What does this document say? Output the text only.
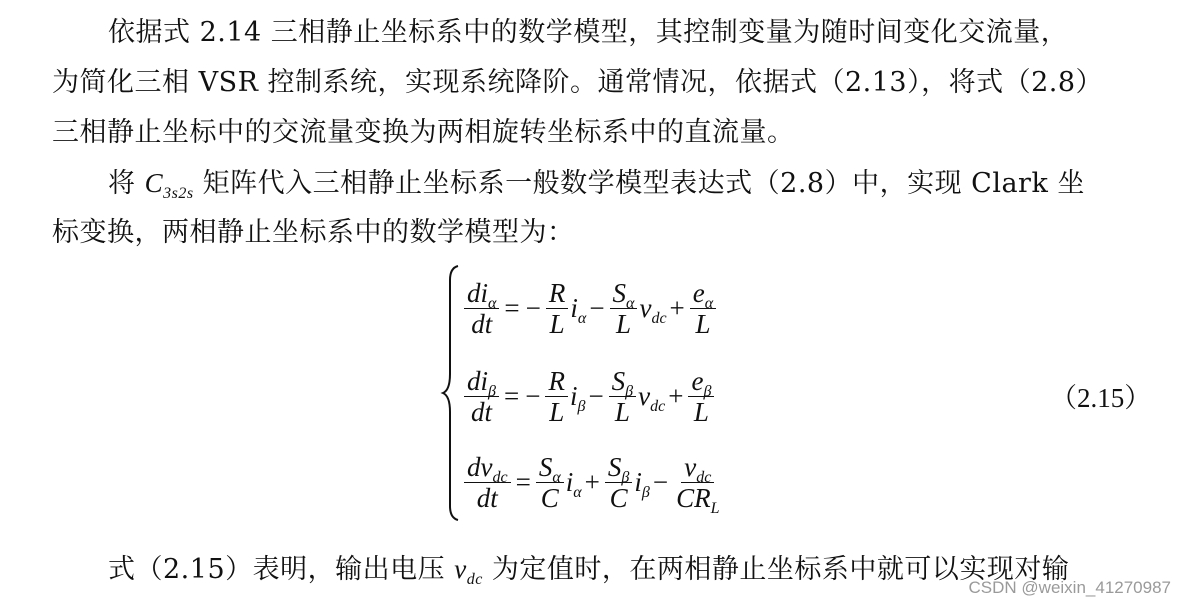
依据式 2.14 三相静止坐标系中的数学模型，其控制变量为随时间变化交流量，
为简化三相 VSR 控制系统，实现系统降阶。通常情况，依据式（2.13），将式（2.8）
三相静止坐标中的交流量变换为两相旋转坐标系中的直流量。
将 $C_{3s2s}$ 矩阵代入三相静止坐标系一般数学模型表达式（2.8）中，实现 Clark 坐
标变换，两相静止坐标系中的数学模型为：
$\frac{di_\alpha}{dt}$ = − $\frac{R}{L} i_\alpha - \frac{S_\alpha}{L} v_{dc} + \frac{e_\alpha}{L}$
$\frac{di_\beta}{dt}$ = − $\frac{R}{L} i_\beta - \frac{S_\beta}{L} v_{dc} + \frac{e_\beta}{L}$
$\frac{dv_{dc}}{dt} = \frac{S_\alpha}{C} i_\alpha + \frac{S_\beta}{C} i_\beta - \frac{v_{dc}}{CR_L}$
（2.15）
式（2.15）表明，输出电压 $v_{dc}$ 为定值时，在两相静止坐标系中就可以实现对输
CSDN @weixin_41270987
